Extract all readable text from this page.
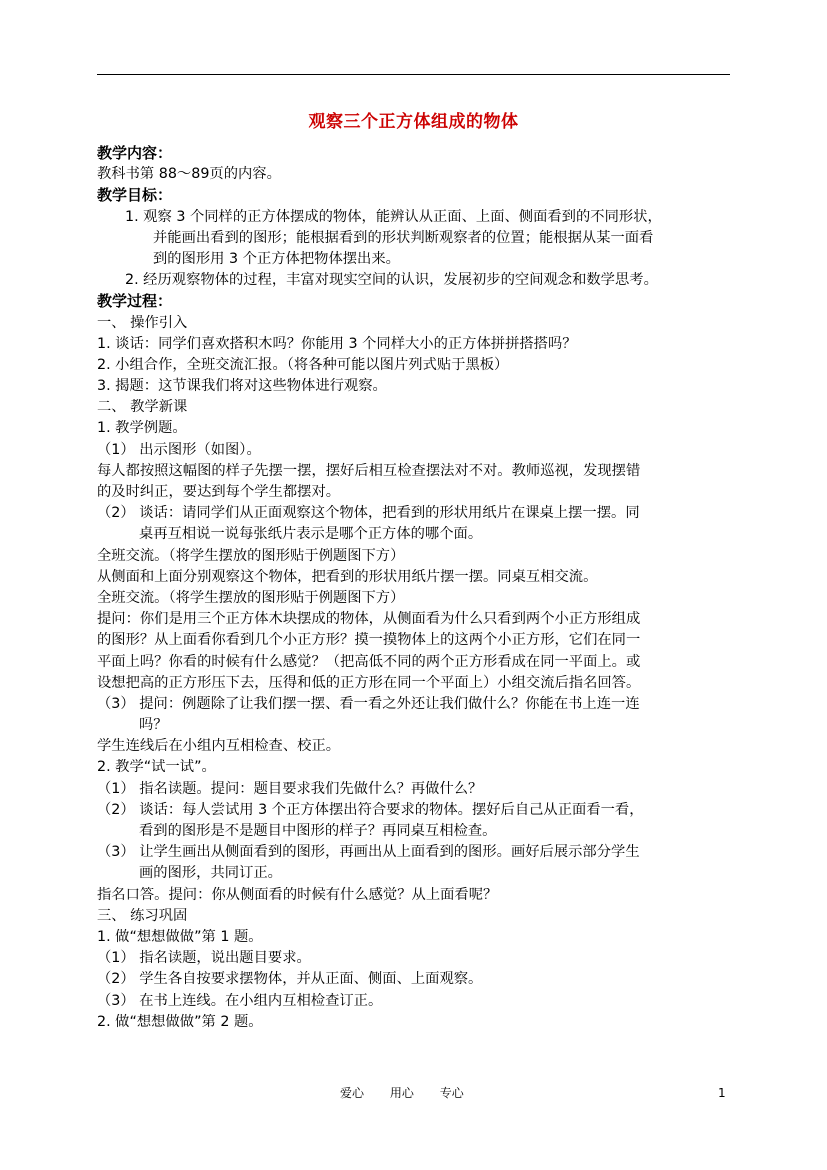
观察三个正方体组成的物体
教学内容：
教科书第 88～89页的内容。
教学目标：
1. 观察 3 个同样的正方体摆成的物体，能辨认从正面、上面、侧面看到的不同形状，
并能画出看到的图形；能根据看到的形状判断观察者的位置；能根据从某一面看
到的图形用 3 个正方体把物体摆出来。
2. 经历观察物体的过程，丰富对现实空间的认识，发展初步的空间观念和数学思考。
教学过程：
一、 操作引入
1. 谈话：同学们喜欢搭积木吗？你能用 3 个同样大小的正方体拼拼搭搭吗？
2. 小组合作，全班交流汇报。（将各种可能以图片列式贴于黑板）
3. 揭题：这节课我们将对这些物体进行观察。
二、 教学新课
1. 教学例题。
（1） 出示图形（如图）。
每人都按照这幅图的样子先摆一摆，摆好后相互检查摆法对不对。教师巡视，发现摆错
的及时纠正，要达到每个学生都摆对。
（2） 谈话：请同学们从正面观察这个物体，把看到的形状用纸片在课桌上摆一摆。同
桌再互相说一说每张纸片表示是哪个正方体的哪个面。
全班交流。（将学生摆放的图形贴于例题图下方）
从侧面和上面分别观察这个物体，把看到的形状用纸片摆一摆。同桌互相交流。
全班交流。（将学生摆放的图形贴于例题图下方）
提问：你们是用三个正方体木块摆成的物体，从侧面看为什么只看到两个小正方形组成
的图形？从上面看你看到几个小正方形？摸一摸物体上的这两个小正方形，它们在同一
平面上吗？你看的时候有什么感觉？（把高低不同的两个正方形看成在同一平面上。或
设想把高的正方形压下去，压得和低的正方形在同一个平面上）小组交流后指名回答。
（3） 提问：例题除了让我们摆一摆、看一看之外还让我们做什么？你能在书上连一连
吗？
学生连线后在小组内互相检查、校正。
2. 教学“试一试”。
（1） 指名读题。提问：题目要求我们先做什么？再做什么？
（2） 谈话：每人尝试用 3 个正方体摆出符合要求的物体。摆好后自己从正面看一看，
看到的图形是不是题目中图形的样子？再同桌互相检查。
（3） 让学生画出从侧面看到的图形，再画出从上面看到的图形。画好后展示部分学生
画的图形，共同订正。
指名口答。提问：你从侧面看的时候有什么感觉？从上面看呢？
三、 练习巩固
1. 做“想想做做”第 1 题。
（1） 指名读题，说出题目要求。
（2） 学生各自按要求摆物体，并从正面、侧面、上面观察。
（3） 在书上连线。在小组内互相检查订正。
2. 做“想想做做”第 2 题。
爱心 用心 专心	1
